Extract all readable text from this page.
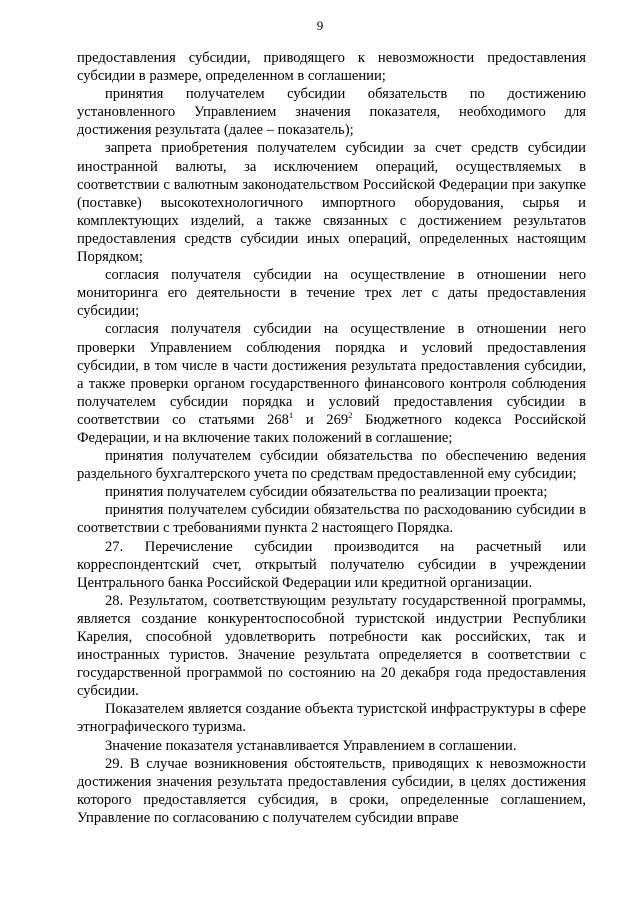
9

предоставления субсидии, приводящего к невозможности предоставления субсидии в размере, определенном в соглашении;

принятия получателем субсидии обязательств по достижению установленного Управлением значения показателя, необходимого для достижения результата (далее – показатель);

запрета приобретения получателем субсидии за счет средств субсидии иностранной валюты, за исключением операций, осуществляемых в соответствии с валютным законодательством Российской Федерации при закупке (поставке) высокотехнологичного импортного оборудования, сырья и комплектующих изделий, а также связанных с достижением результатов предоставления средств субсидии иных операций, определенных настоящим Порядком;

согласия получателя субсидии на осуществление в отношении него мониторинга его деятельности в течение трех лет с даты предоставления субсидии;

согласия получателя субсидии на осуществление в отношении него проверки Управлением соблюдения порядка и условий предоставления субсидии, в том числе в части достижения результата предоставления субсидии, а также проверки органом государственного финансового контроля соблюдения получателем субсидии порядка и условий предоставления субсидии в соответствии со статьями $268^1$ и $269^2$ Бюджетного кодекса Российской Федерации, и на включение таких положений в соглашение;

принятия получателем субсидии обязательства по обеспечению ведения раздельного бухгалтерского учета по средствам предоставленной ему субсидии;

принятия получателем субсидии обязательства по реализации проекта;

принятия получателем субсидии обязательства по расходованию субсидии в соответствии с требованиями пункта 2 настоящего Порядка.

27. Перечисление субсидии производится на расчетный или корреспондентский счет, открытый получателю субсидии в учреждении Центрального банка Российской Федерации или кредитной организации.

28. Результатом, соответствующим результату государственной программы, является создание конкурентоспособной туристской индустрии Республики Карелия, способной удовлетворить потребности как российских, так и иностранных туристов. Значение результата определяется в соответствии с государственной программой по состоянию на 20 декабря года предоставления субсидии.

Показателем является создание объекта туристской инфраструктуры в сфере этнографического туризма.

Значение показателя устанавливается Управлением в соглашении.

29. В случае возникновения обстоятельств, приводящих к невозможности достижения значения результата предоставления субсидии, в целях достижения которого предоставляется субсидия, в сроки, определенные соглашением, Управление по согласованию с получателем субсидии вправе
